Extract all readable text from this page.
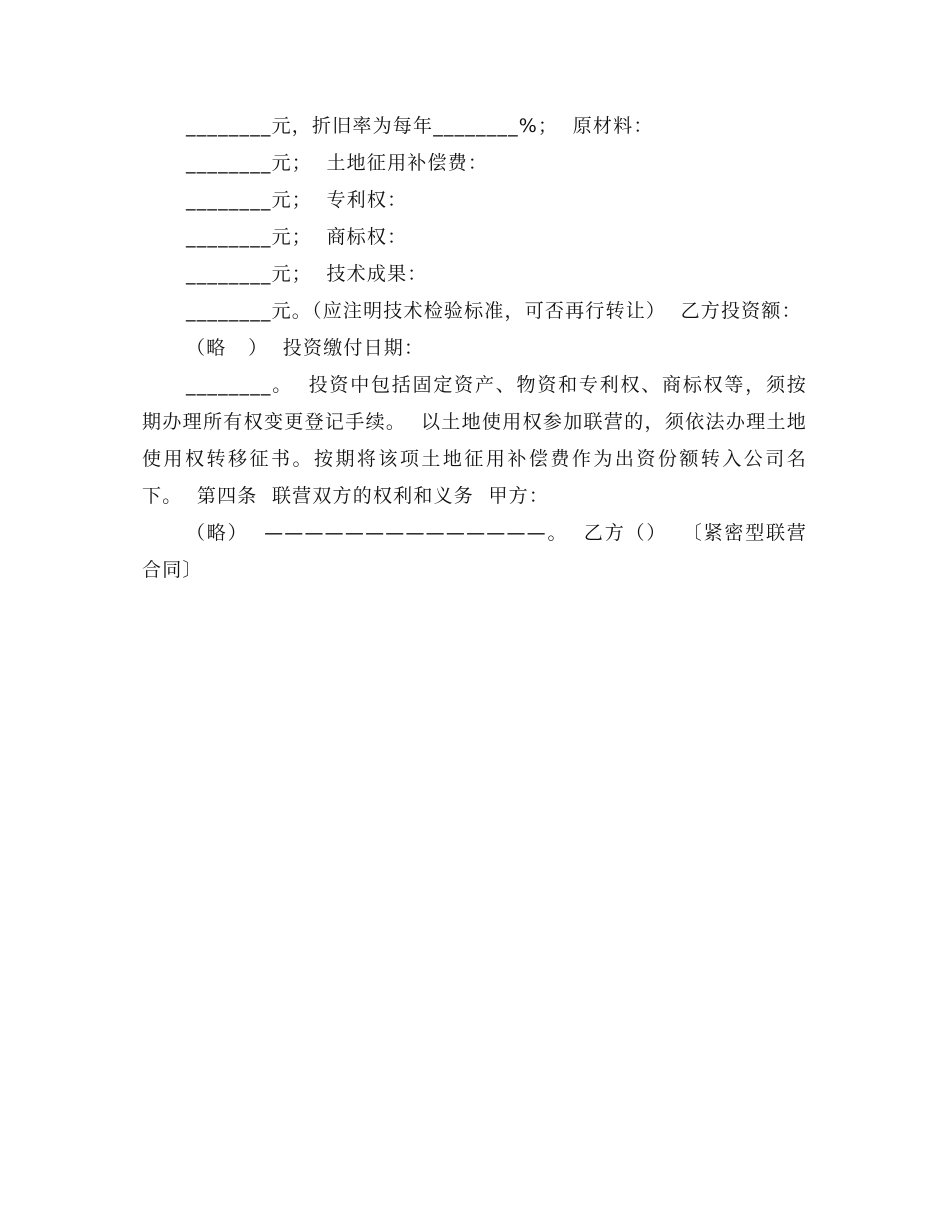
________元，折旧率为每年________%；  原材料：
________元；  土地征用补偿费：
________元；  专利权：
________元；  商标权：
________元；  技术成果：
________元。（应注明技术检验标准，可否再行转让）  乙方投资额：
（略   ）  投资缴付日期：
________。  投资中包括固定资产、物资和专利权、商标权等，须按期办理所有权变更登记手续。  以土地使用权参加联营的，须依法办理土地使用权转移征书。按期将该项土地征用补偿费作为出资份额转入公司名下。  第四条  联营双方的权利和义务  甲方：
（略）  ——————————————。  乙方（）  〔紧密型联营合同〕
